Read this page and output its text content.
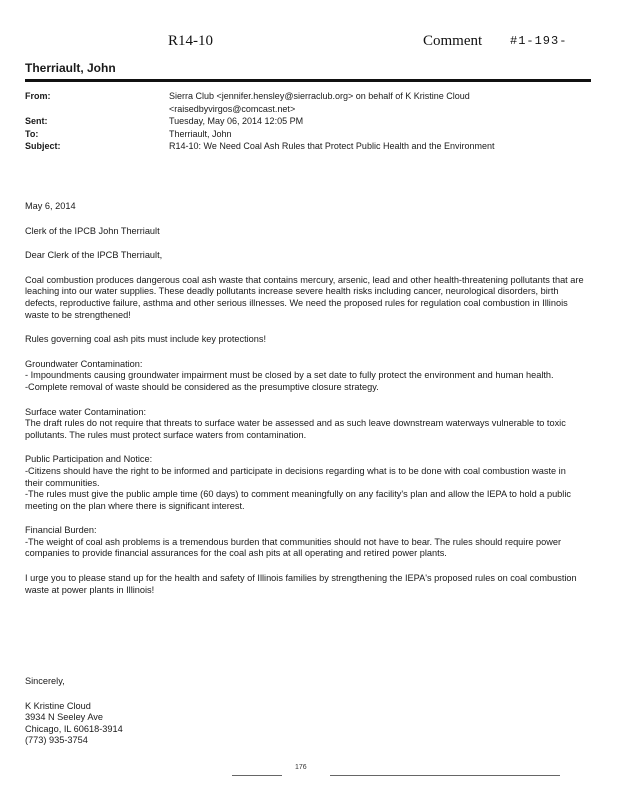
R14-10	Comment #1-193-
Therriault, John
From:	Sierra Club <jennifer.hensley@sierraclub.org> on behalf of K Kristine Cloud
<raisedbyvirgos@comcast.net>
Sent:	Tuesday, May 06, 2014 12:05 PM
To:	Therriault, John
Subject:	R14-10: We Need Coal Ash Rules that Protect Public Health and the Environment

May 6, 2014

Clerk of the IPCB John Therriault

Dear Clerk of the IPCB Therriault,

Coal combustion produces dangerous coal ash waste that contains mercury, arsenic, lead and other health-threatening pollutants that are leaching into our water supplies. These deadly pollutants increase severe health risks including cancer, neurological disorders, birth defects, reproductive failure, asthma and other serious illnesses. We need the proposed rules for regulation coal combustion in Illinois waste to be strengthened!

Rules governing coal ash pits must include key protections!

Groundwater Contamination:
- Impoundments causing groundwater impairment must be closed by a set date to fully protect the environment and human health.
-Complete removal of waste should be considered as the presumptive closure strategy.

Surface water Contamination:
The draft rules do not require that threats to surface water be assessed and as such leave downstream waterways vulnerable to toxic pollutants. The rules must protect surface waters from contamination.

Public Participation and Notice:
-Citizens should have the right to be informed and participate in decisions regarding what is to be done with coal combustion waste in their communities.
-The rules must give the public ample time (60 days) to comment meaningfully on any facility's plan and allow the IEPA to hold a public meeting on the plan where there is significant interest.

Financial Burden:
-The weight of coal ash problems is a tremendous burden that communities should not have to bear. The rules should require power companies to provide financial assurances for the coal ash pits at all operating and retired power plants.

I urge you to please stand up for the health and safety of Illinois families by strengthening the IEPA's proposed rules on coal combustion waste at power plants in Illinois!

Sincerely,
K Kristine Cloud
3934 N Seeley Ave
Chicago, IL 60618-3914
(773) 935-3754
176
